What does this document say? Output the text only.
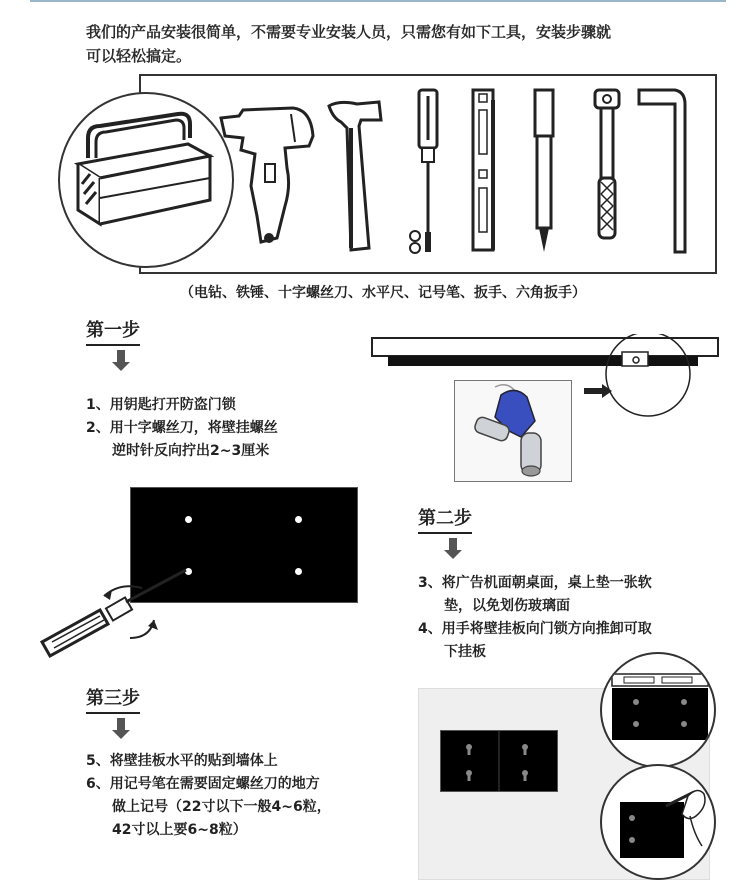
我们的产品安装很简单，不需要专业安装人员，只需您有如下工具，安装步骤就
可以轻松搞定。
（电钻、铁锤、十字螺丝刀、水平尺、记号笔、扳手、六角扳手）
第一步
1、用钥匙打开防盗门锁
2、用十字螺丝刀，将壁挂螺丝
逆时针反向拧出2~3厘米
第二步
3、将广告机面朝桌面，桌上垫一张软
垫，以免划伤玻璃面
4、用手将壁挂板向门锁方向推卸可取
下挂板
第三步
5、将壁挂板水平的贴到墙体上
6、用记号笔在需要固定螺丝刀的地方
做上记号（22寸以下一般4~6粒，
42寸以上要6~8粒）
